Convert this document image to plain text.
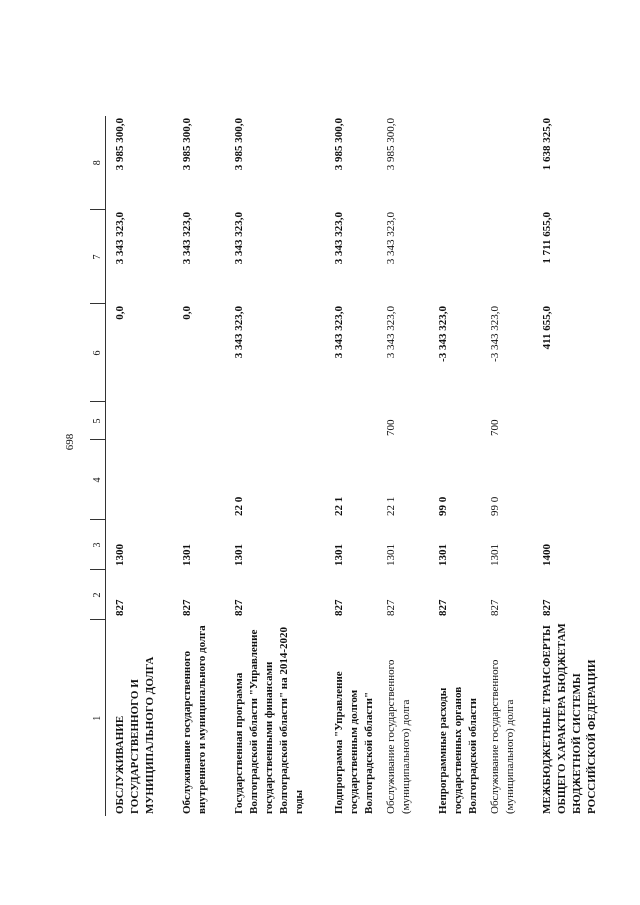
698
1	2	3	4	5	6	7	8
ОБСЛУЖИВАНИЕ ГОСУДАРСТВЕННОГО И МУНИЦИПАЛЬНОГО ДОЛГА	827	1300			0,0	3 343 323,0	3 985 300,0
Обслуживание государственного внутреннего и муниципального долга	827	1301			0,0	3 343 323,0	3 985 300,0
Государственная программа Волгоградской области "Управление государственными финансами Волгоградской области" на 2014-2020 годы	827	1301	22 0		3 343 323,0	3 343 323,0	3 985 300,0
Подпрограмма "Управление государственным долгом Волгоградской области"	827	1301	22 1		3 343 323,0	3 343 323,0	3 985 300,0
Обслуживание государственного (муниципального) долга	827	1301	22 1	700	3 343 323,0	3 343 323,0	3 985 300,0
Непрограммные расходы государственных органов Волгоградской области	827	1301	99 0		-3 343 323,0		
Обслуживание государственного (муниципального) долга	827	1301	99 0	700	-3 343 323,0		
МЕЖБЮДЖЕТНЫЕ ТРАНСФЕРТЫ ОБЩЕГО ХАРАКТЕРА БЮДЖЕТАМ БЮДЖЕТНОЙ СИСТЕМЫ РОССИЙСКОЙ ФЕДЕРАЦИИ	827	1400			411 655,0	1 711 655,0	1 638 325,0
